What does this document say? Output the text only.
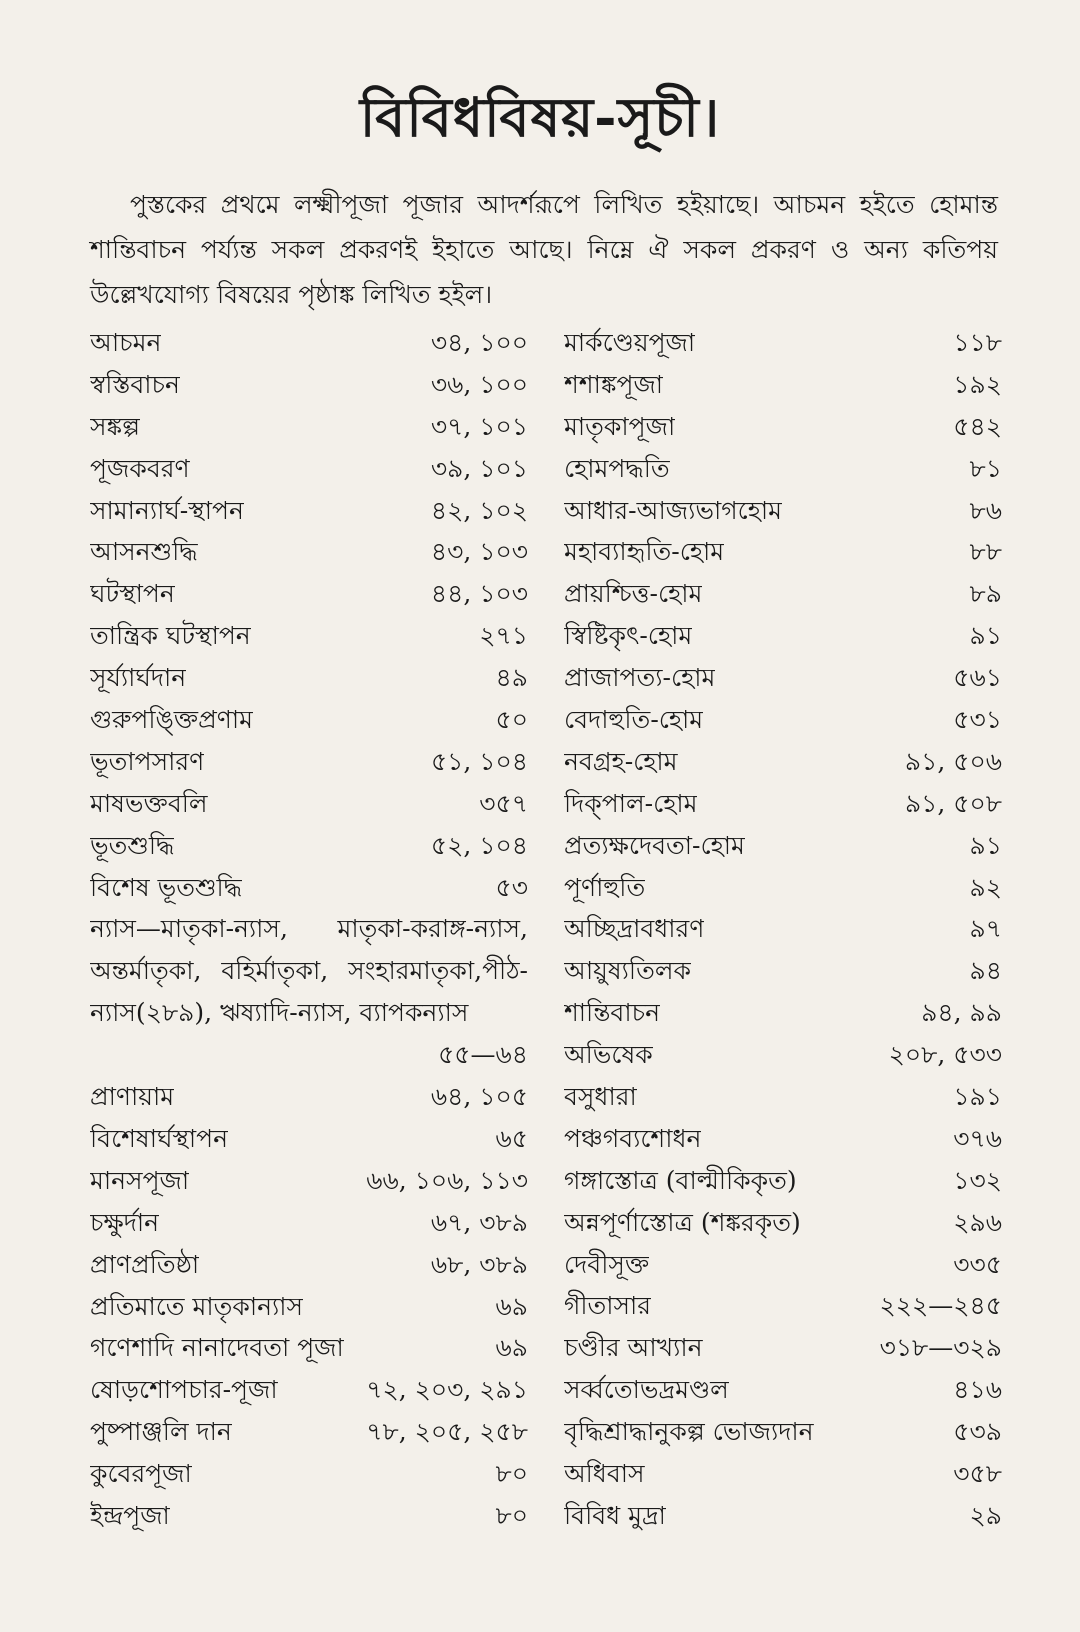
বিবিধবিষয়-সূচী।
পুস্তকের প্রথমে লক্ষ্মীপূজা পূজার আদর্শরূপে লিখিত হইয়াছে। আচমন হইতে হোমান্ত শান্তিবাচন পর্য্যন্ত সকল প্রকরণই ইহাতে আছে। নিম্নে ঐ সকল প্রকরণ ও অন্য কতিপয় উল্লেখযোগ্য বিষয়ের পৃষ্ঠাঙ্ক লিখিত হইল।
আচমন	৩৪, ১০০
স্বস্তিবাচন	৩৬, ১০০
সঙ্কল্প	৩৭, ১০১
পূজকবরণ	৩৯, ১০১
সামান্যার্ঘ-স্থাপন	৪২, ১০২
আসনশুদ্ধি	৪৩, ১০৩
ঘটস্থাপন	৪৪, ১০৩
তান্ত্রিক ঘটস্থাপন	২৭১
সূর্য্যার্ঘদান	৪৯
গুরুপঙ্ক্তিপ্রণাম	৫০
ভূতাপসারণ	৫১, ১০৪
মাষভক্তবলি	৩৫৭
ভূতশুদ্ধি	৫২, ১০৪
বিশেষ ভূতশুদ্ধি	৫৩
ন্যাস—মাতৃকা-ন্যাস, মাতৃকা-করাঙ্গ-ন্যাস, অন্তর্মাতৃকা, বহির্মাতৃকা, সংহারমাতৃকা,পীঠ-ন্যাস(২৮৯), ঋষ্যাদি-ন্যাস, ব্যাপকন্যাস
৫৫—৬৪
প্রাণায়াম	৬৪, ১০৫
বিশেষার্ঘস্থাপন	৬৫
মানসপূজা	৬৬, ১০৬, ১১৩
চক্ষুর্দান	৬৭, ৩৮৯
প্রাণপ্রতিষ্ঠা	৬৮, ৩৮৯
প্রতিমাতে মাতৃকান্যাস	৬৯
গণেশাদি নানাদেবতা পূজা	৬৯
ষোড়শোপচার-পূজা	৭২, ২০৩, ২৯১
পুষ্পাঞ্জলি দান	৭৮, ২০৫, ২৫৮
কুবেরপূজা	৮০
ইন্দ্রপূজা	৮০
মার্কণ্ডেয়পূজা	১১৮
শশাঙ্কপূজা	১৯২
মাতৃকাপূজা	৫৪২
হোমপদ্ধতি	৮১
আধার-আজ্যভাগহোম	৮৬
মহাব্যাহৃতি-হোম	৮৮
প্রায়শ্চিত্ত-হোম	৮৯
স্বিষ্টিকৃৎ-হোম	৯১
প্রাজাপত্য-হোম	৫৬১
বেদাহুতি-হোম	৫৩১
নবগ্রহ-হোম	৯১, ৫০৬
দিক্পাল-হোম	৯১, ৫০৮
প্রত্যক্ষদেবতা-হোম	৯১
পূর্ণাহুতি	৯২
অচ্ছিদ্রাবধারণ	৯৭
আয়ুষ্যতিলক	৯৪
শান্তিবাচন	৯৪, ৯৯
অভিষেক	২০৮, ৫৩৩
বসুধারা	১৯১
পঞ্চগব্যশোধন	৩৭৬
গঙ্গাস্তোত্র (বাল্মীকিকৃত)	১৩২
অন্নপূর্ণাস্তোত্র (শঙ্করকৃত)	২৯৬
দেবীসূক্ত	৩৩৫
গীতাসার	২২২—২৪৫
চণ্ডীর আখ্যান	৩১৮—৩২৯
সর্ব্বতোভদ্রমণ্ডল	৪১৬
বৃদ্ধিশ্রাদ্ধানুকল্প ভোজ্যদান	৫৩৯
অধিবাস	৩৫৮
বিবিধ মুদ্রা	২৯
